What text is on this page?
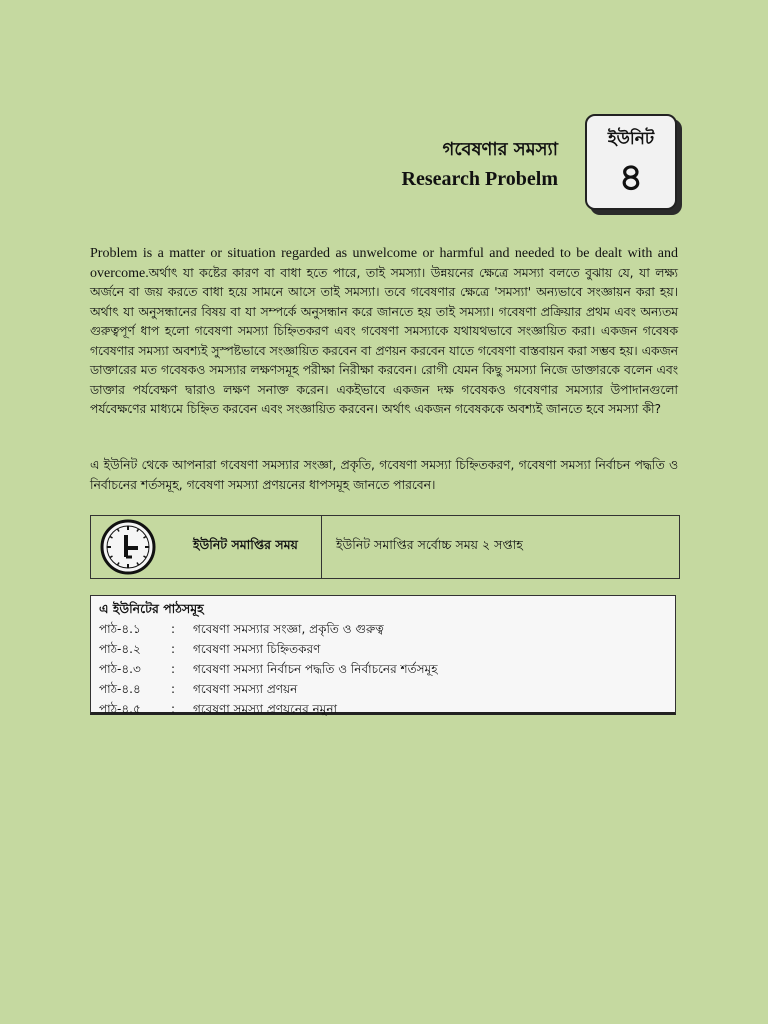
গবেষণার সমস্যা
Research Probelm
ইউনিট
৪

Problem is a matter or situation regarded as unwelcome or harmful and needed to be dealt with and overcome.অর্থাৎ যা কষ্টের কারণ বা বাধা হতে পারে, তাই সমস্যা। উন্নয়নের ক্ষেত্রে সমস্যা বলতে বুঝায় যে, যা লক্ষ্য অর্জনে বা জয় করতে বাধা হয়ে সামনে আসে তাই সমস্যা। তবে গবেষণার ক্ষেত্রে 'সমস্যা' অন্যভাবে সংজ্ঞায়ন করা হয়। অর্থাৎ যা অনুসন্ধানের বিষয় বা যা সম্পর্কে অনুসন্ধান করে জানতে হয় তাই সমস্যা। গবেষণা প্রক্রিয়ার প্রথম এবং অন্যতম গুরুত্বপূর্ণ ধাপ হলো গবেষণা সমস্যা চিহ্নিতকরণ এবং গবেষণা সমস্যাকে যথাযথভাবে সংজ্ঞায়িত করা। একজন গবেষক গবেষণার সমস্যা অবশ্যই সুস্পষ্টভাবে সংজ্ঞায়িত করবেন বা প্রণয়ন করবেন যাতে গবেষণা বাস্তবায়ন করা সম্ভব হয়। একজন ডাক্তারের মত গবেষকও সমস্যার লক্ষণসমূহ পরীক্ষা নিরীক্ষা করবেন। রোগী যেমন কিছু সমস্যা নিজে ডাক্তারকে বলেন এবং ডাক্তার পর্যবেক্ষণ দ্বারাও লক্ষণ সনাক্ত করেন। একইভাবে একজন দক্ষ গবেষকও গবেষণার সমস্যার উপাদানগুলো পর্যবেক্ষণের মাধ্যমে চিহ্নিত করবেন এবং সংজ্ঞায়িত করবেন। অর্থাৎ একজন গবেষককে অবশ্যই জানতে হবে সমস্যা কী?

এ ইউনিট থেকে আপনারা গবেষণা সমস্যার সংজ্ঞা, প্রকৃতি, গবেষণা সমস্যা চিহ্নিতকরণ, গবেষণা সমস্যা নির্বাচন পদ্ধতি ও নির্বাচনের শর্তসমূহ, গবেষণা সমস্যা প্রণয়নের ধাপসমূহ জানতে পারবেন।

ইউনিট সমাপ্তির সময়	ইউনিট সমাপ্তির সর্বোচ্চ সময় ২ সপ্তাহ
এ ইউনিটের পাঠসমূহ
পাঠ-৪.১	:	গবেষণা সমস্যার সংজ্ঞা, প্রকৃতি ও গুরুত্ব
পাঠ-৪.২	:	গবেষণা সমস্যা চিহ্নিতকরণ
পাঠ-৪.৩	:	গবেষণা সমস্যা নির্বাচন পদ্ধতি ও নির্বাচনের শর্তসমূহ
পাঠ-৪.৪	:	গবেষণা সমস্যা প্রণয়ন
পাঠ-৪.৫	:	গবেষণা সমস্যা প্রণয়নের নমুনা
